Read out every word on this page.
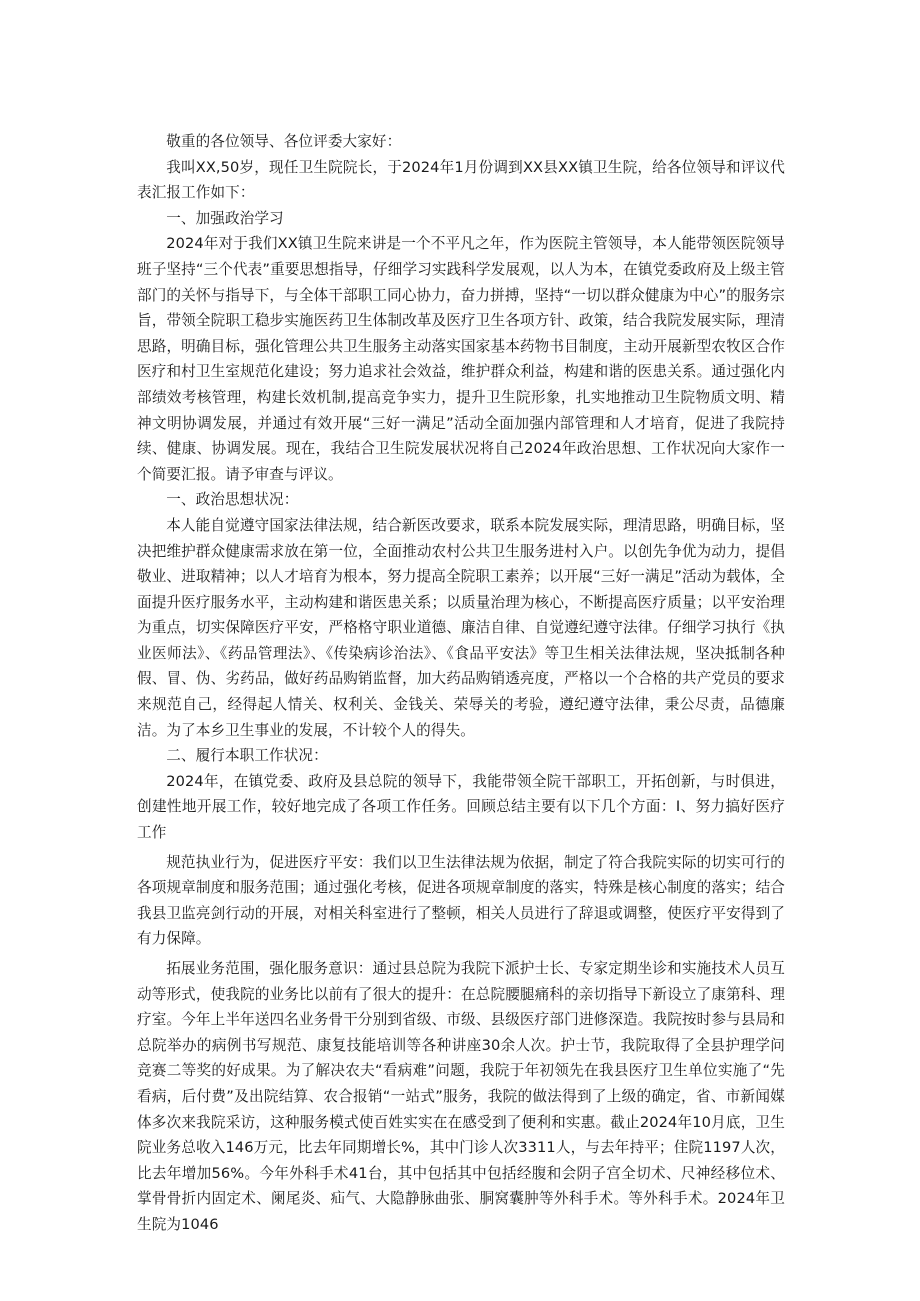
敬重的各位领导、各位评委大家好：

我叫XX,50岁，现任卫生院院长，于2024年1月份调到XX县XX镇卫生院，给各位领导和评议代表汇报工作如下：

一、加强政治学习

2024年对于我们XX镇卫生院来讲是一个不平凡之年，作为医院主管领导，本人能带领医院领导班子坚持“三个代表”重要思想指导，仔细学习实践科学发展观，以人为本，在镇党委政府及上级主管部门的关怀与指导下，与全体干部职工同心协力，奋力拼搏，坚持“一切以群众健康为中心”的服务宗旨，带领全院职工稳步实施医药卫生体制改革及医疗卫生各项方针、政策，结合我院发展实际，理清思路，明确目标，强化管理公共卫生服务主动落实国家基本药物书目制度，主动开展新型农牧区合作医疗和村卫生室规范化建设；努力追求社会效益，维护群众利益，构建和谐的医患关系。通过强化内部绩效考核管理，构建长效机制,提高竞争实力，提升卫生院形象，扎实地推动卫生院物质文明、精神文明协调发展，并通过有效开展“三好一满足”活动全面加强内部管理和人才培育，促进了我院持续、健康、协调发展。现在，我结合卫生院发展状况将自己2024年政治思想、工作状况向大家作一个简要汇报。请予审查与评议。

一、政治思想状况：

本人能自觉遵守国家法律法规，结合新医改要求，联系本院发展实际，理清思路，明确目标，坚决把维护群众健康需求放在第一位，全面推动农村公共卫生服务进村入户。以创先争优为动力，提倡敬业、进取精神；以人才培育为根本，努力提高全院职工素养；以开展“三好一满足”活动为载体，全面提升医疗服务水平，主动构建和谐医患关系；以质量治理为核心，不断提高医疗质量；以平安治理为重点，切实保障医疗平安，严格格守职业道德、廉洁自律、自觉遵纪遵守法律。仔细学习执行《执业医师法》、《药品管理法》、《传染病诊治法》、《食品平安法》等卫生相关法律法规，坚决抵制各种假、冒、伪、劣药品，做好药品购销监督，加大药品购销透亮度，严格以一个合格的共产党员的要求来规范自己，经得起人情关、权利关、金钱关、荣辱关的考验，遵纪遵守法律，秉公尽责，品德廉洁。为了本乡卫生事业的发展，不计较个人的得失。

二、履行本职工作状况：

2024年，在镇党委、政府及县总院的领导下，我能带领全院干部职工，开拓创新，与时俱进，创建性地开展工作，较好地完成了各项工作任务。回顾总结主要有以下几个方面：I、努力搞好医疗工作

规范执业行为，促进医疗平安：我们以卫生法律法规为依据，制定了符合我院实际的切实可行的各项规章制度和服务范围；通过强化考核，促进各项规章制度的落实，特殊是核心制度的落实；结合我县卫监亮剑行动的开展，对相关科室进行了整顿，相关人员进行了辞退或调整，使医疗平安得到了有力保障。

拓展业务范围，强化服务意识：通过县总院为我院下派护士长、专家定期坐诊和实施技术人员互动等形式，使我院的业务比以前有了很大的提升：在总院腰腿痛科的亲切指导下新设立了康第科、理疗室。今年上半年送四名业务骨干分别到省级、市级、县级医疗部门进修深造。我院按时参与县局和总院举办的病例书写规范、康复技能培训等各种讲座30余人次。护士节，我院取得了全县护理学问竞赛二等奖的好成果。为了解决农夫“看病难”问题，我院于年初领先在我县医疗卫生单位实施了“先看病，后付费”及出院结算、农合报销“一站式”服务，我院的做法得到了上级的确定，省、市新闻媒体多次来我院采访，这种服务模式使百姓实实在在感受到了便利和实惠。截止2024年10月底，卫生院业务总收入146万元，比去年同期增长%，其中门诊人次3311人，与去年持平；住院1197人次，比去年增加56%。今年外科手术41台，其中包括其中包括经腹和会阴子宫全切术、尺神经移位术、掌骨骨折内固定术、阑尾炎、疝气、大隐静脉曲张、胴窝囊肿等外科手术。等外科手术。2024年卫生院为1046
